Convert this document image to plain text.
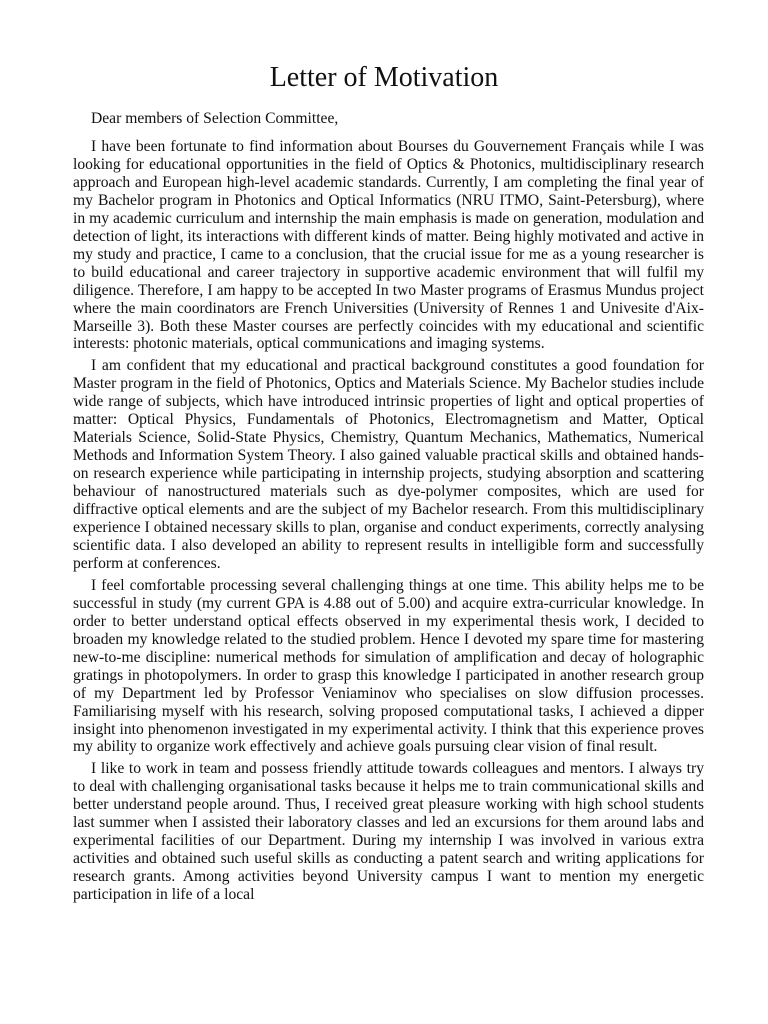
Letter of Motivation

Dear members of Selection Committee,

I have been fortunate to find information about Bourses du Gouvernement Français while I was looking for educational opportunities in the field of Optics & Photonics, multidisciplinary research approach and European high-level academic standards. Currently, I am completing the final year of my Bachelor program in Photonics and Optical Informatics (NRU ITMO, Saint-Petersburg), where in my academic curriculum and internship the main emphasis is made on generation, modulation and detection of light, its interactions with different kinds of matter. Being highly motivated and active in my study and practice, I came to a conclusion, that the crucial issue for me as a young researcher is to build educational and career trajectory in supportive academic environment that will fulfil my diligence. Therefore, I am happy to be accepted In two Master programs of Erasmus Mundus project where the main coordinators are French Universities (University of Rennes 1 and Univesite d'Aix-Marseille 3). Both these Master courses are perfectly coincides with my educational and scientific interests: photonic materials, optical communications and imaging systems.

I am confident that my educational and practical background constitutes a good foundation for Master program in the field of Photonics, Optics and Materials Science. My Bachelor studies include wide range of subjects, which have introduced intrinsic properties of light and optical properties of matter: Optical Physics, Fundamentals of Photonics, Electromagnetism and Matter, Optical Materials Science, Solid-State Physics, Chemistry, Quantum Mechanics, Mathematics, Numerical Methods and Information System Theory. I also gained valuable practical skills and obtained hands-on research experience while participating in internship projects, studying absorption and scattering behaviour of nanostructured materials such as dye-polymer composites, which are used for diffractive optical elements and are the subject of my Bachelor research. From this multidisciplinary experience I obtained necessary skills to plan, organise and conduct experiments, correctly analysing scientific data. I also developed an ability to represent results in intelligible form and successfully perform at conferences.

I feel comfortable processing several challenging things at one time. This ability helps me to be successful in study (my current GPA is 4.88 out of 5.00) and acquire extra-curricular knowledge. In order to better understand optical effects observed in my experimental thesis work, I decided to broaden my knowledge related to the studied problem. Hence I devoted my spare time for mastering new-to-me discipline: numerical methods for simulation of amplification and decay of holographic gratings in photopolymers. In order to grasp this knowledge I participated in another research group of my Department led by Professor Veniaminov who specialises on slow diffusion processes. Familiarising myself with his research, solving proposed computational tasks, I achieved a dipper insight into phenomenon investigated in my experimental activity. I think that this experience proves my ability to organize work effectively and achieve goals pursuing clear vision of final result.

I like to work in team and possess friendly attitude towards colleagues and mentors. I always try to deal with challenging organisational tasks because it helps me to train communicational skills and better understand people around. Thus, I received great pleasure working with high school students last summer when I assisted their laboratory classes and led an excursions for them around labs and experimental facilities of our Department. During my internship I was involved in various extra activities and obtained such useful skills as conducting a patent search and writing applications for research grants. Among activities beyond University campus I want to mention my energetic participation in life of a local
